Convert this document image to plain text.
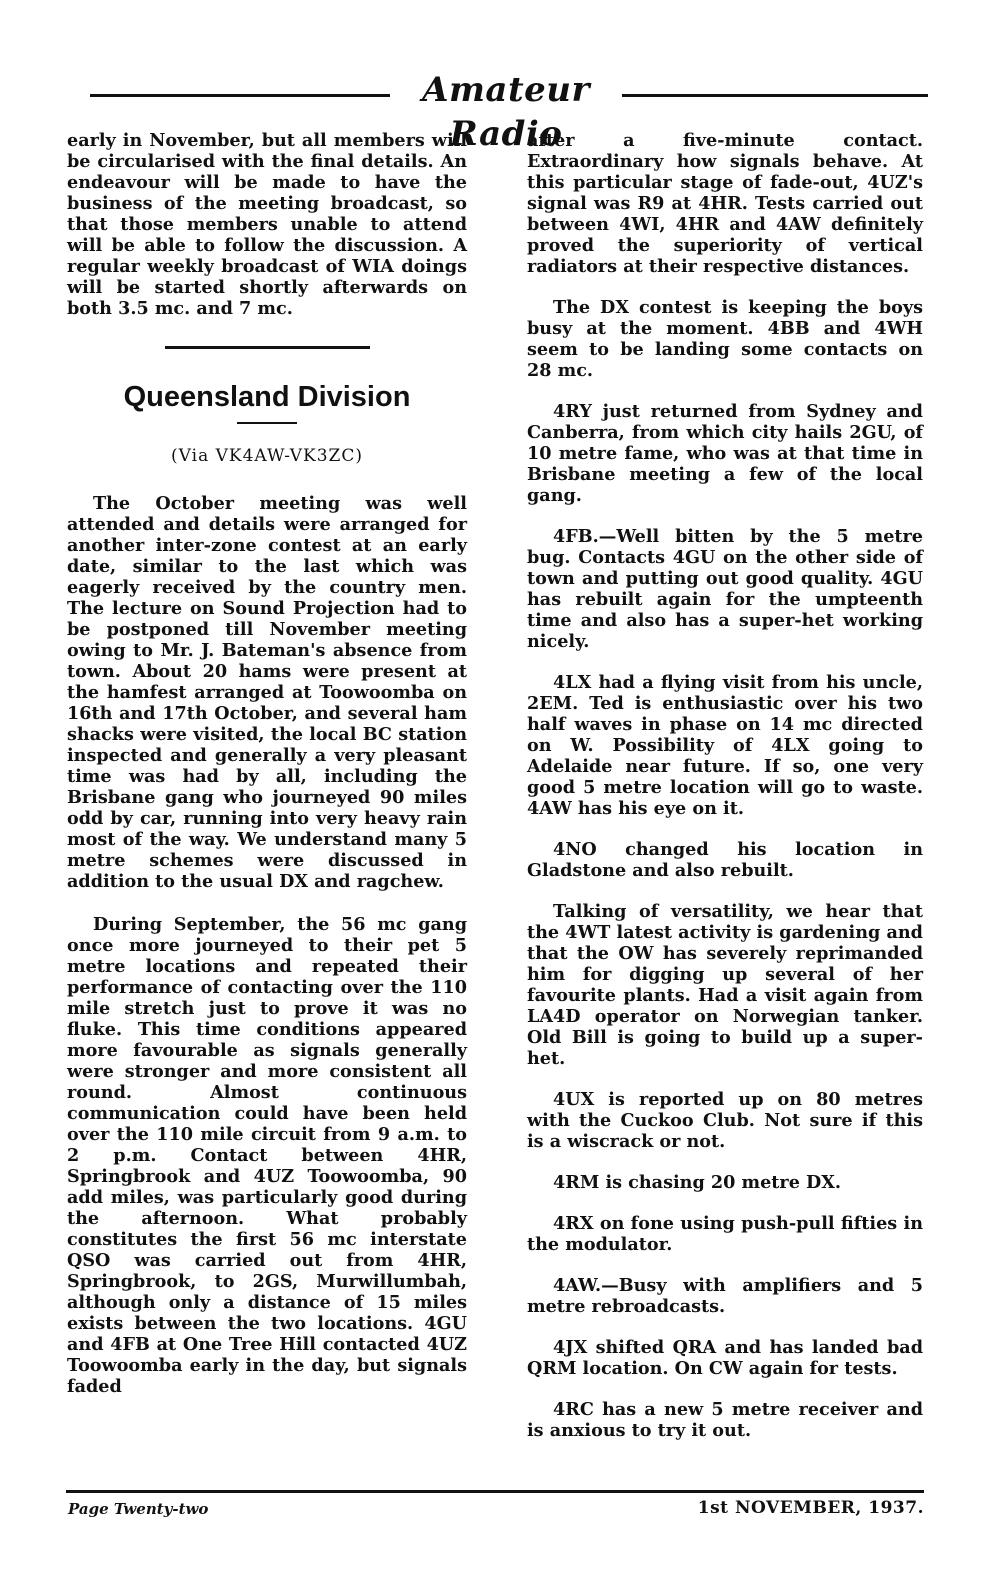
Amateur Radio

early in November, but all members will be circularised with the final details. An endeavour will be made to have the business of the meeting broadcast, so that those members unable to attend will be able to follow the discussion. A regular weekly broadcast of WIA doings will be started shortly afterwards on both 3.5 mc. and 7 mc.

Queensland Division
(Via VK4AW-VK3ZC)

The October meeting was well attended and details were arranged for another inter-zone contest at an early date, similar to the last which was eagerly received by the country men. The lecture on Sound Projection had to be postponed till November meeting owing to Mr. J. Bateman's absence from town. About 20 hams were present at the hamfest arranged at Toowoomba on 16th and 17th October, and several ham shacks were visited, the local BC station inspected and generally a very pleasant time was had by all, including the Brisbane gang who journeyed 90 miles odd by car, running into very heavy rain most of the way. We understand many 5 metre schemes were discussed in addition to the usual DX and ragchew.

During September, the 56 mc gang once more journeyed to their pet 5 metre locations and repeated their performance of contacting over the 110 mile stretch just to prove it was no fluke. This time conditions appeared more favourable as signals generally were stronger and more consistent all round. Almost continuous communication could have been held over the 110 mile circuit from 9 a.m. to 2 p.m. Contact between 4HR, Springbrook and 4UZ Toowoomba, 90 add miles, was particularly good during the afternoon. What probably constitutes the first 56 mc interstate QSO was carried out from 4HR, Springbrook, to 2GS, Murwillumbah, although only a distance of 15 miles exists between the two locations. 4GU and 4FB at One Tree Hill contacted 4UZ Toowoomba early in the day, but signals faded

after a five-minute contact. Extraordinary how signals behave. At this particular stage of fade-out, 4UZ's signal was R9 at 4HR. Tests carried out between 4WI, 4HR and 4AW definitely proved the superiority of vertical radiators at their respective distances.

The DX contest is keeping the boys busy at the moment. 4BB and 4WH seem to be landing some contacts on 28 mc.

4RY just returned from Sydney and Canberra, from which city hails 2GU, of 10 metre fame, who was at that time in Brisbane meeting a few of the local gang.

4FB.—Well bitten by the 5 metre bug. Contacts 4GU on the other side of town and putting out good quality. 4GU has rebuilt again for the umpteenth time and also has a super-het working nicely.

4LX had a flying visit from his uncle, 2EM. Ted is enthusiastic over his two half waves in phase on 14 mc directed on W. Possibility of 4LX going to Adelaide near future. If so, one very good 5 metre location will go to waste. 4AW has his eye on it.

4NO changed his location in Gladstone and also rebuilt.

Talking of versatility, we hear that the 4WT latest activity is gardening and that the OW has severely reprimanded him for digging up several of her favourite plants. Had a visit again from LA4D operator on Norwegian tanker. Old Bill is going to build up a super-het.

4UX is reported up on 80 metres with the Cuckoo Club. Not sure if this is a wiscrack or not.

4RM is chasing 20 metre DX.

4RX on fone using push-pull fifties in the modulator.

4AW.—Busy with amplifiers and 5 metre rebroadcasts.

4JX shifted QRA and has landed bad QRM location. On CW again for tests.

4RC has a new 5 metre receiver and is anxious to try it out.

Page Twenty-two	1st NOVEMBER, 1937.
